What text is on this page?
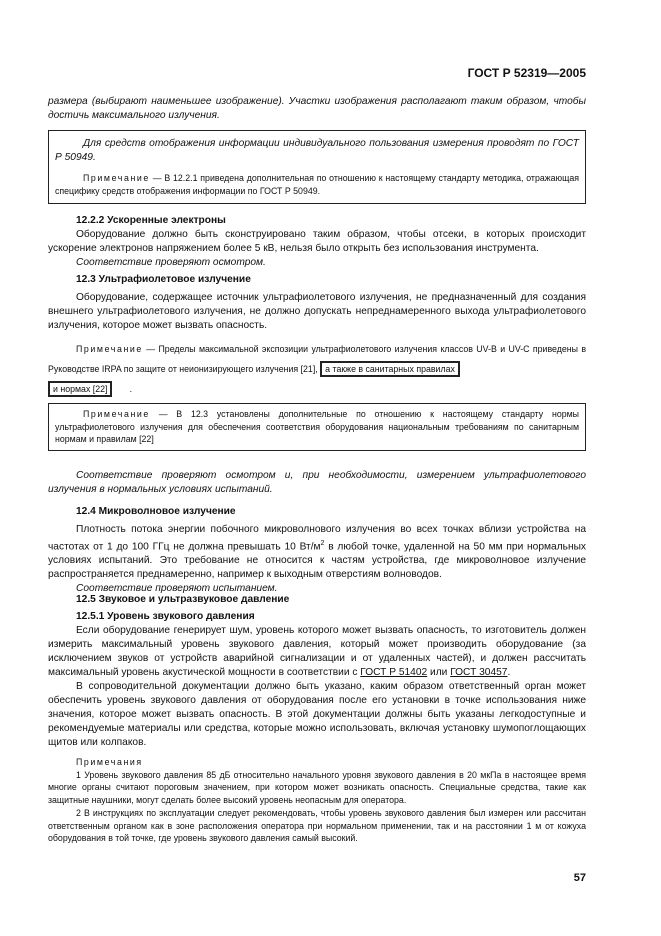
ГОСТ Р 52319—2005

размера (выбирают наименьшее изображение). Участки изображения располагают таким образом, чтобы достичь максимального излучения.

Для средств отображения информации индивидуального пользования измерения проводят по ГОСТ Р 50949.

Примечание — В 12.2.1 приведена дополнительная по отношению к настоящему стандарту методика, отражающая специфику средств отображения информации по ГОСТ Р 50949.

12.2.2 Ускоренные электроны

Оборудование должно быть сконструировано таким образом, чтобы отсеки, в которых происходит ускорение электронов напряжением более 5 кВ, нельзя было открыть без использования инструмента.

Соответствие проверяют осмотром.

12.3 Ультрафиолетовое излучение

Оборудование, содержащее источник ультрафиолетового излучения, не предназначенный для создания внешнего ультрафиолетового излучения, не должно допускать непреднамеренного выхода ультрафиолетового излучения, которое может вызвать опасность.

Примечание — Пределы максимальной экспозиции ультрафиолетового излучения классов UV-B и UV-C приведены в Руководстве IRPA по защите от неионизирующего излучения [21], а также в санитарных правилах
и нормах [22]	.

Примечание — В 12.3 установлены дополнительные по отношению к настоящему стандарту нормы ультрафиолетового излучения для обеспечения соответствия оборудования национальным требованиям по санитарным нормам и правилам [22]

Соответствие проверяют осмотром и, при необходимости, измерением ультрафиолетового излучения в нормальных условиях испытаний.

12.4 Микроволновое излучение

Плотность потока энергии побочного микроволнового излучения во всех точках вблизи устройства на частотах от 1 до 100 ГГц не должна превышать 10 $Вт/м^2$ в любой точке, удаленной на 50 мм при нормальных условиях испытаний. Это требование не относится к частям устройства, где микроволновое излучение распространяется преднамеренно, например к выходным отверстиям волноводов.

Соответствие проверяют испытанием.

12.5 Звуковое и ультразвуковое давление

12.5.1 Уровень звукового давления

Если оборудование генерирует шум, уровень которого может вызвать опасность, то изготовитель должен измерить максимальный уровень звукового давления, который может производить оборудование (за исключением звуков от устройств аварийной сигнализации и от удаленных частей), и должен рассчитать максимальный уровень акустической мощности в соответствии с ГОСТ Р 51402 или ГОСТ 30457.

В сопроводительной документации должно быть указано, каким образом ответственный орган может обеспечить уровень звукового давления от оборудования после его установки в точке использования ниже значения, которое может вызвать опасность. В этой документации должны быть указаны легкодоступные и рекомендуемые материалы или средства, которые можно использовать, включая установку шумопоглощающих щитов или колпаков.

Примечания

1 Уровень звукового давления 85 дБ относительно начального уровня звукового давления в 20 мкПа в настоящее время многие органы считают пороговым значением, при котором может возникать опасность. Специальные средства, такие как защитные наушники, могут сделать более высокий уровень неопасным для оператора.

2 В инструкциях по эксплуатации следует рекомендовать, чтобы уровень звукового давления был измерен или рассчитан ответственным органом как в зоне расположения оператора при нормальном применении, так и на расстоянии 1 м от кожуха оборудования в той точке, где уровень звукового давления самый высокий.

57
